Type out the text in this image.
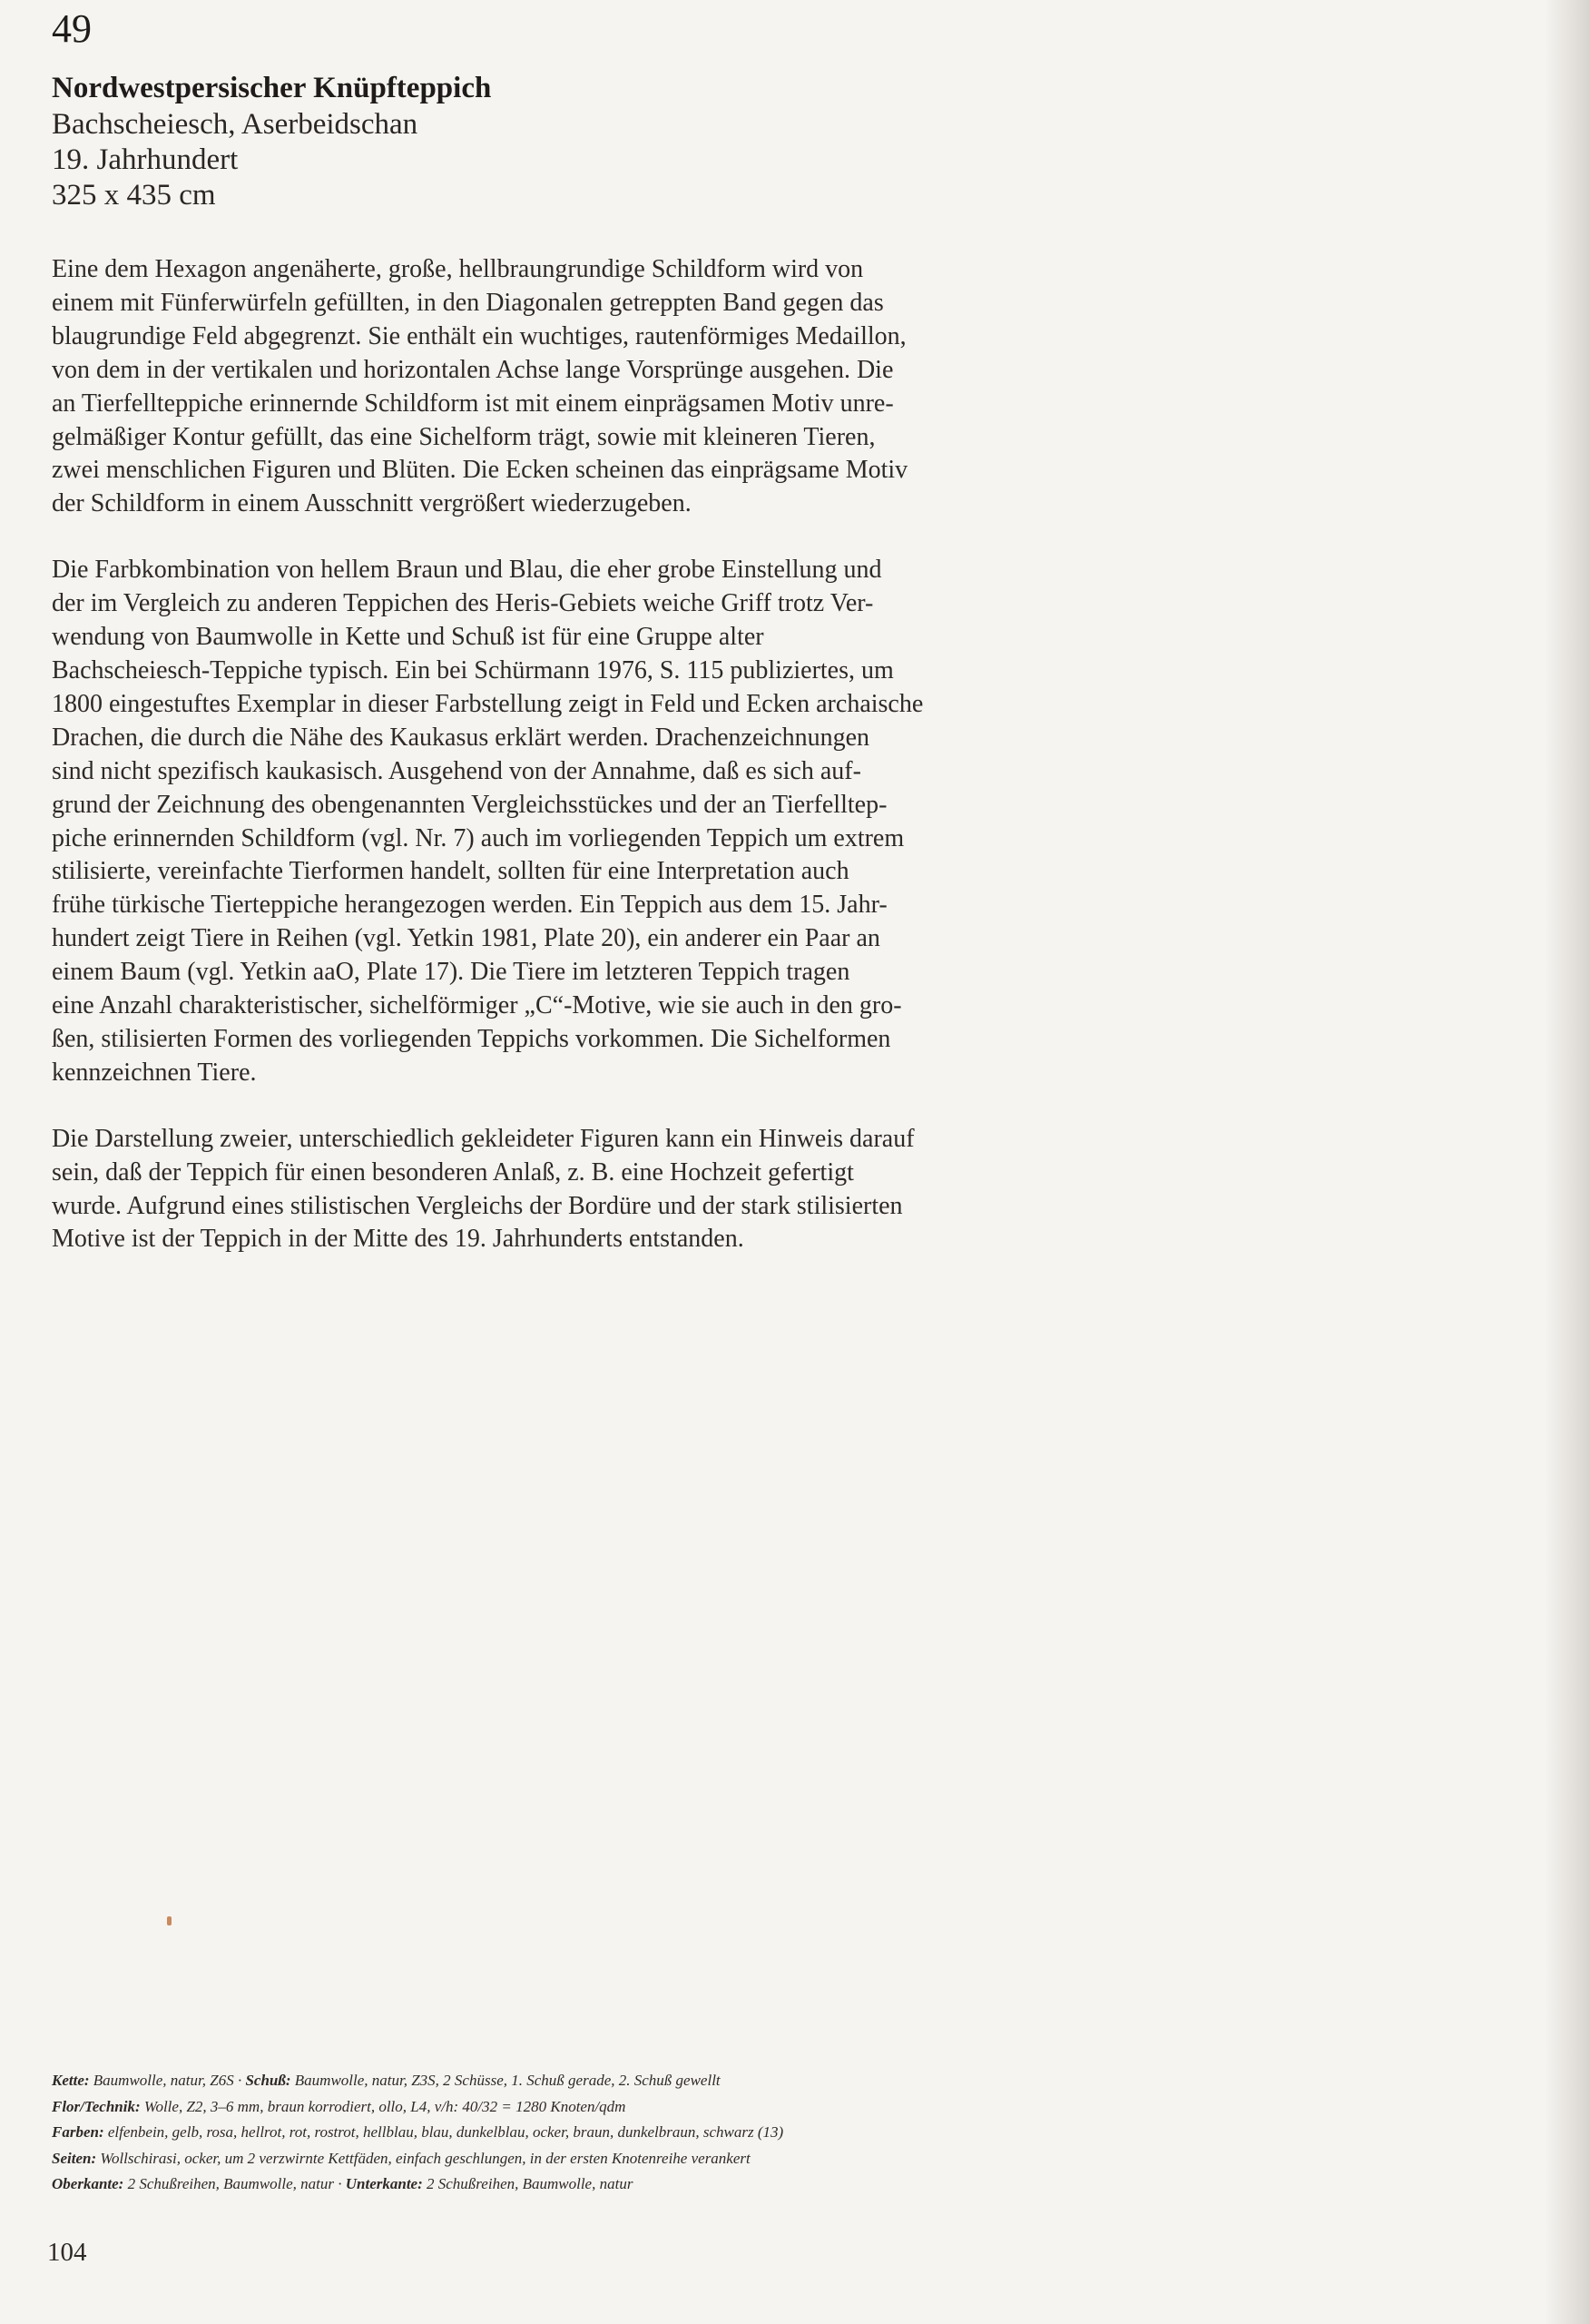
49
Nordwestpersischer Knüpfteppich
Bachscheiesch, Aserbeidschan
19. Jahrhundert
325 x 435 cm

Eine dem Hexagon angenäherte, große, hellbraungrundige Schildform wird von
einem mit Fünferwürfeln gefüllten, in den Diagonalen getreppten Band gegen das
blaugrundige Feld abgegrenzt. Sie enthält ein wuchtiges, rautenförmiges Medaillon,
von dem in der vertikalen und horizontalen Achse lange Vorsprünge ausgehen. Die
an Tierfellteppiche erinnernde Schildform ist mit einem einprägsamen Motiv unre-
gelmäßiger Kontur gefüllt, das eine Sichelform trägt, sowie mit kleineren Tieren,
zwei menschlichen Figuren und Blüten. Die Ecken scheinen das einprägsame Motiv
der Schildform in einem Ausschnitt vergrößert wiederzugeben.

Die Farbkombination von hellem Braun und Blau, die eher grobe Einstellung und
der im Vergleich zu anderen Teppichen des Heris-Gebiets weiche Griff trotz Ver-
wendung von Baumwolle in Kette und Schuß ist für eine Gruppe alter
Bachscheiesch-Teppiche typisch. Ein bei Schürmann 1976, S. 115 publiziertes, um
1800 eingestuftes Exemplar in dieser Farbstellung zeigt in Feld und Ecken archaische
Drachen, die durch die Nähe des Kaukasus erklärt werden. Drachenzeichnungen
sind nicht spezifisch kaukasisch. Ausgehend von der Annahme, daß es sich auf-
grund der Zeichnung des obengenannten Vergleichsstückes und der an Tierfelltep-
piche erinnernden Schildform (vgl. Nr. 7) auch im vorliegenden Teppich um extrem
stilisierte, vereinfachte Tierformen handelt, sollten für eine Interpretation auch
frühe türkische Tierteppiche herangezogen werden. Ein Teppich aus dem 15. Jahr-
hundert zeigt Tiere in Reihen (vgl. Yetkin 1981, Plate 20), ein anderer ein Paar an
einem Baum (vgl. Yetkin aaO, Plate 17). Die Tiere im letzteren Teppich tragen
eine Anzahl charakteristischer, sichelförmiger „C“-Motive, wie sie auch in den gro-
ßen, stilisierten Formen des vorliegenden Teppichs vorkommen. Die Sichelformen
kennzeichnen Tiere.

Die Darstellung zweier, unterschiedlich gekleideter Figuren kann ein Hinweis darauf
sein, daß der Teppich für einen besonderen Anlaß, z. B. eine Hochzeit gefertigt
wurde. Aufgrund eines stilistischen Vergleichs der Bordüre und der stark stilisierten
Motive ist der Teppich in der Mitte des 19. Jahrhunderts entstanden.

Kette: Baumwolle, natur, Z6S · Schuß: Baumwolle, natur, Z3S, 2 Schüsse, 1. Schuß gerade, 2. Schuß gewellt
Flor/Technik: Wolle, Z2, 3–6 mm, braun korrodiert, ollo, L4, v/h: 40/32 = 1280 Knoten/qdm
Farben: elfenbein, gelb, rosa, hellrot, rot, rostrot, hellblau, blau, dunkelblau, ocker, braun, dunkelbraun, schwarz (13)
Seiten: Wollschirasi, ocker, um 2 verzwirnte Kettfäden, einfach geschlungen, in der ersten Knotenreihe verankert
Oberkante: 2 Schußreihen, Baumwolle, natur · Unterkante: 2 Schußreihen, Baumwolle, natur
104
